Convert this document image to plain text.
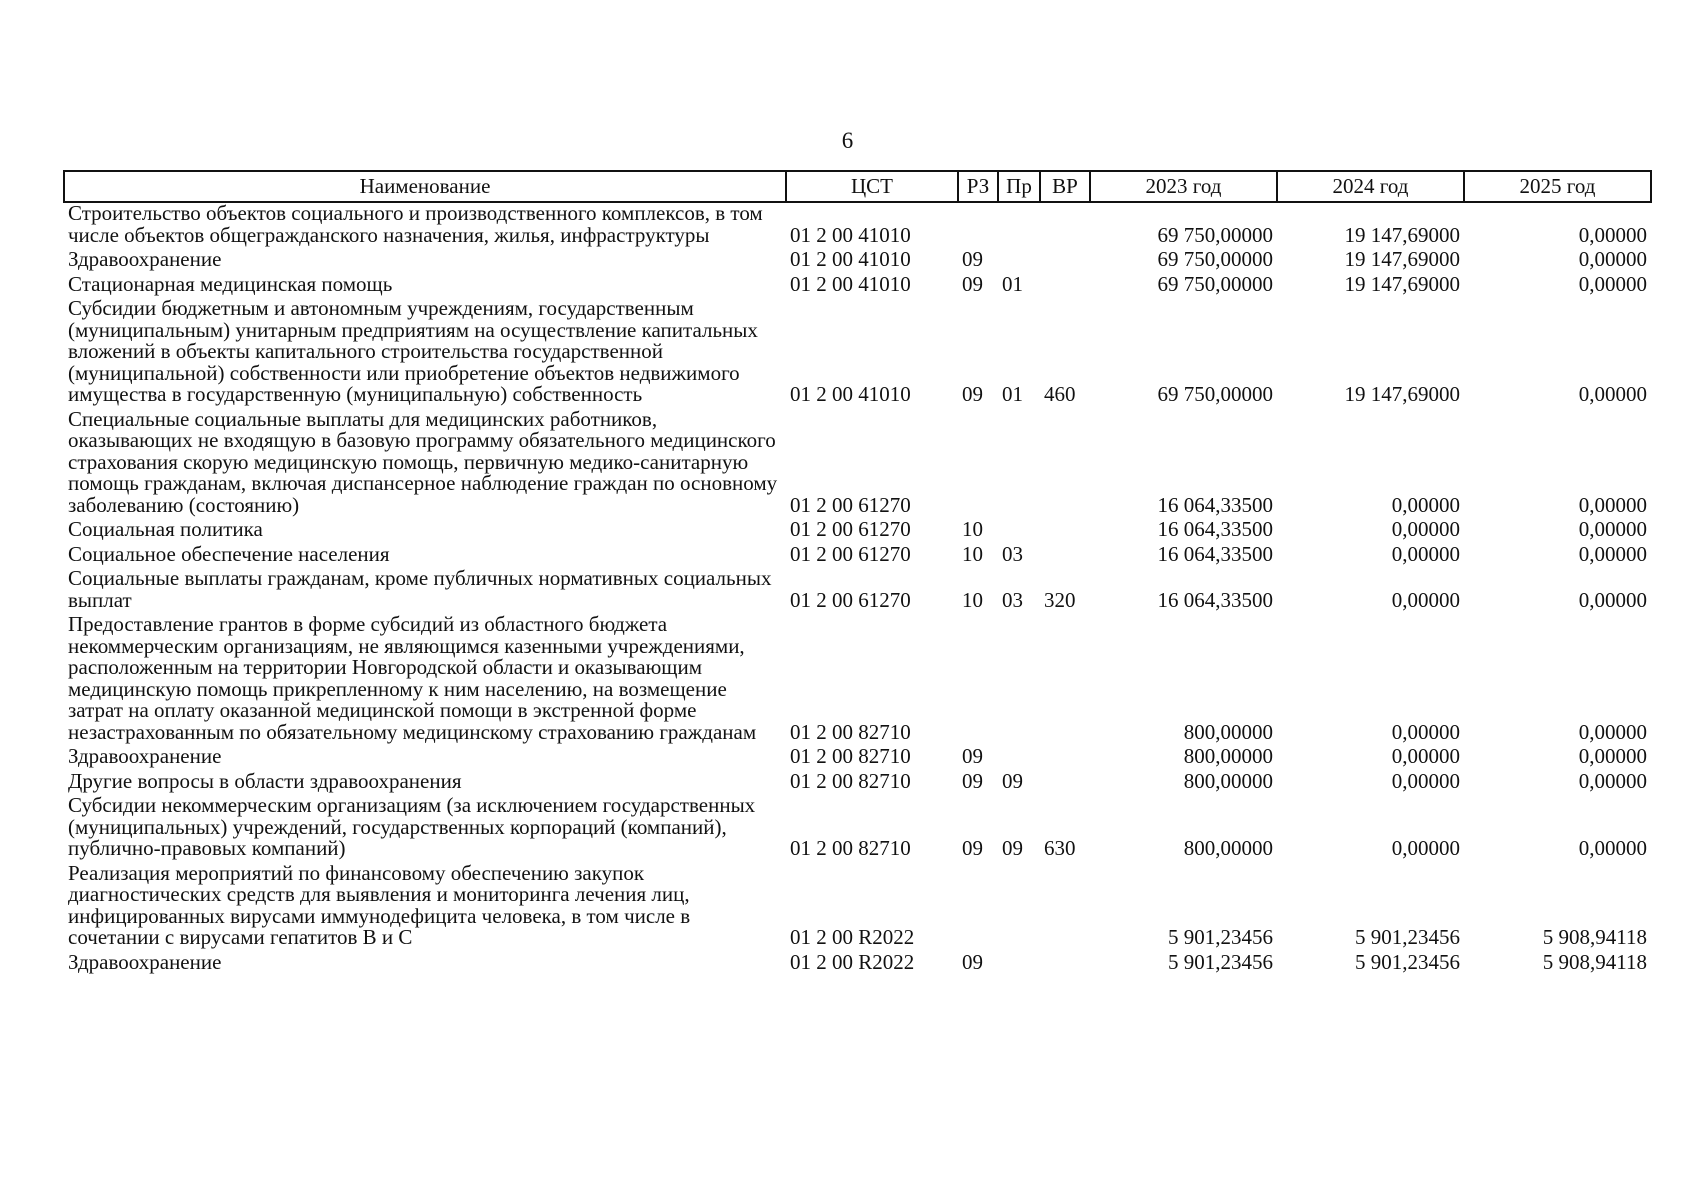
6
Наименование	ЦСТ	РЗ	Пр	ВР	2023 год	2024 год	2025 год
Строительство объектов социального и производственного комплексов, в том числе объектов общегражданского назначения, жилья, инфраструктуры	01 2 00 41010				69 750,00000	19 147,69000	0,00000
Здравоохранение	01 2 00 41010	09			69 750,00000	19 147,69000	0,00000
Стационарная медицинская помощь	01 2 00 41010	09	01		69 750,00000	19 147,69000	0,00000
Субсидии бюджетным и автономным учреждениям, государственным (муниципальным) унитарным предприятиям на осуществление капитальных вложений в объекты капитального строительства государственной (муниципальной) собственности или приобретение объектов недвижимого имущества в государственную (муниципальную) собственность	01 2 00 41010	09	01	460	69 750,00000	19 147,69000	0,00000
Специальные социальные выплаты для медицинских работников, оказывающих не входящую в базовую программу обязательного медицинского страхования скорую медицинскую помощь, первичную медико-санитарную помощь гражданам, включая диспансерное наблюдение граждан по основному заболеванию (состоянию)	01 2 00 61270				16 064,33500	0,00000	0,00000
Социальная политика	01 2 00 61270	10			16 064,33500	0,00000	0,00000
Социальное обеспечение населения	01 2 00 61270	10	03		16 064,33500	0,00000	0,00000
Социальные выплаты гражданам, кроме публичных нормативных социальных выплат	01 2 00 61270	10	03	320	16 064,33500	0,00000	0,00000
Предоставление грантов в форме субсидий из областного бюджета некоммерческим организациям, не являющимся казенными учреждениями, расположенным на территории Новгородской области и оказывающим медицинскую помощь прикрепленному к ним населению, на возмещение затрат на оплату оказанной медицинской помощи в экстренной форме незастрахованным по обязательному медицинскому страхованию гражданам	01 2 00 82710				800,00000	0,00000	0,00000
Здравоохранение	01 2 00 82710	09			800,00000	0,00000	0,00000
Другие вопросы в области здравоохранения	01 2 00 82710	09	09		800,00000	0,00000	0,00000
Субсидии некоммерческим организациям (за исключением государственных (муниципальных) учреждений, государственных корпораций (компаний), публично-правовых компаний)	01 2 00 82710	09	09	630	800,00000	0,00000	0,00000
Реализация мероприятий по финансовому обеспечению закупок диагностических средств для выявления и мониторинга лечения лиц, инфицированных вирусами иммунодефицита человека, в том числе в сочетании с вирусами гепатитов В и С	01 2 00 R2022				5 901,23456	5 901,23456	5 908,94118
Здравоохранение	01 2 00 R2022	09			5 901,23456	5 901,23456	5 908,94118
